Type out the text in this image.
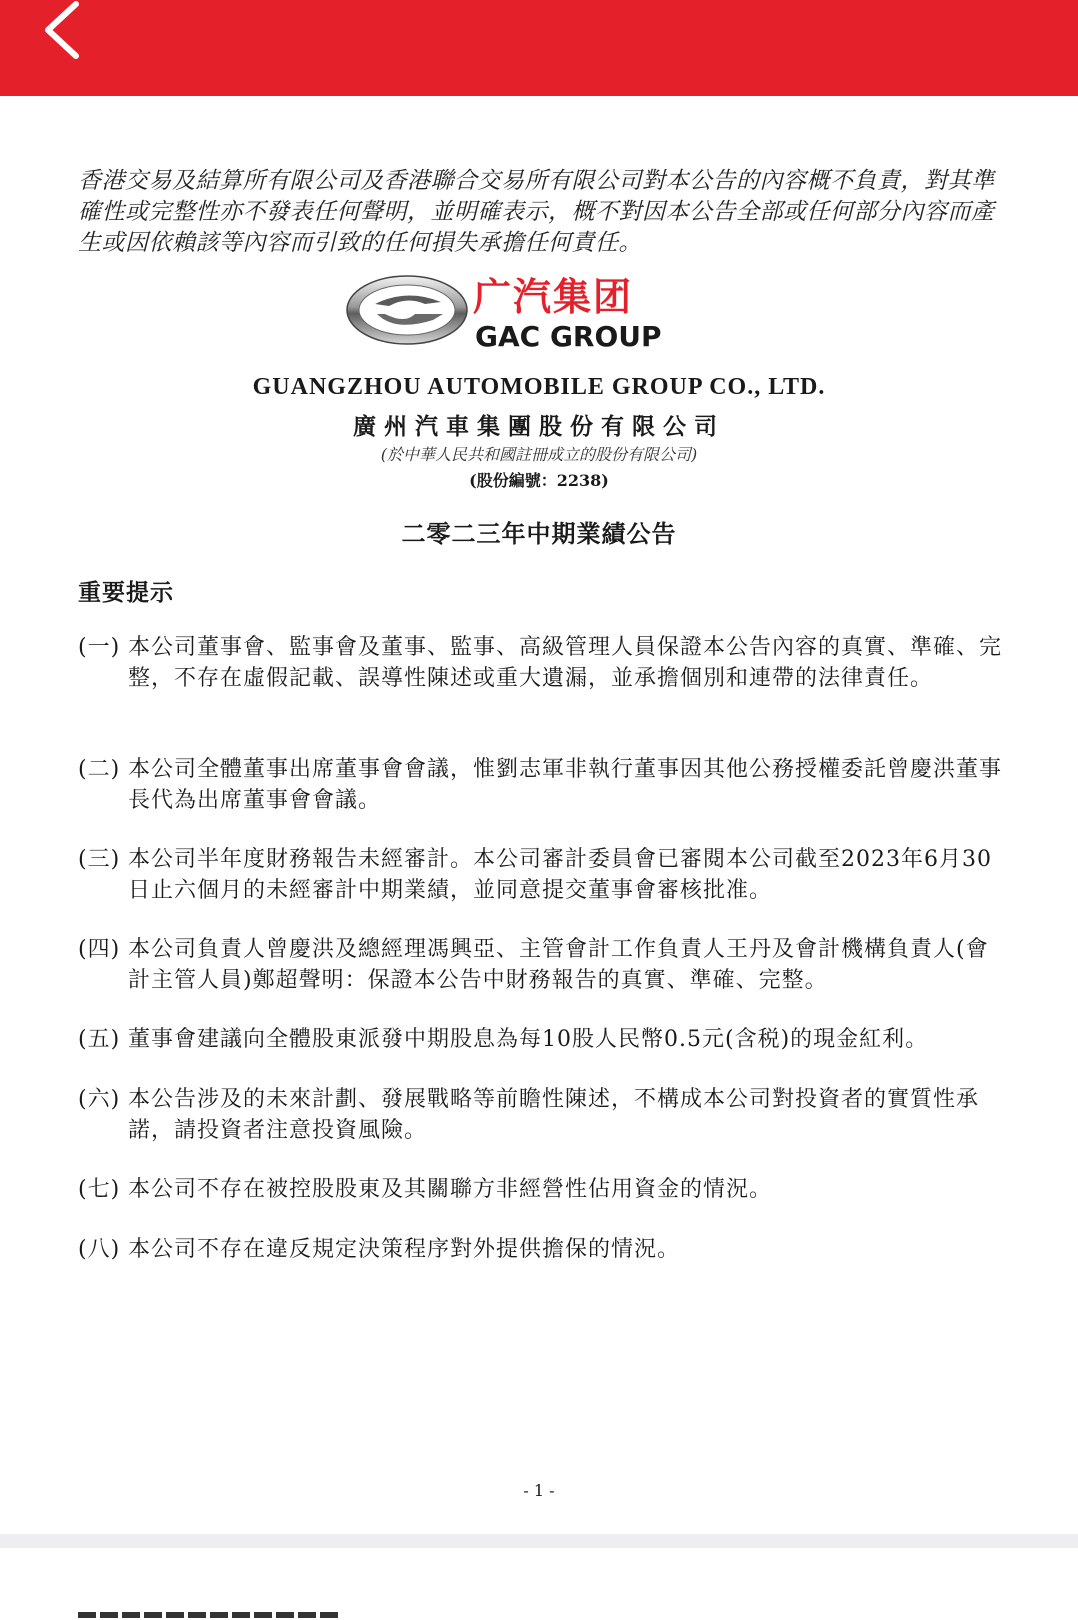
香港交易及結算所有限公司及香港聯合交易所有限公司對本公告的內容概不負責，對其準確性或完整性亦不發表任何聲明，並明確表示，概不對因本公告全部或任何部分內容而產生或因依賴該等內容而引致的任何損失承擔任何責任。
广汽集团
GAC GROUP
GUANGZHOU AUTOMOBILE GROUP CO., LTD.
廣州汽車集團股份有限公司
(於中華人民共和國註冊成立的股份有限公司)
(股份編號：2238)
二零二三年中期業績公告
重要提示
(一) 本公司董事會、監事會及董事、監事、高級管理人員保證本公告內容的真實、準確、完整，不存在虛假記載、誤導性陳述或重大遺漏，並承擔個別和連帶的法律責任。
(二) 本公司全體董事出席董事會會議，惟劉志軍非執行董事因其他公務授權委託曾慶洪董事長代為出席董事會會議。
(三) 本公司半年度財務報告未經審計。本公司審計委員會已審閱本公司截至2023年6月30日止六個月的未經審計中期業績，並同意提交董事會審核批准。
(四) 本公司負責人曾慶洪及總經理馮興亞、主管會計工作負責人王丹及會計機構負責人(會計主管人員)鄭超聲明：保證本公告中財務報告的真實、準確、完整。
(五) 董事會建議向全體股東派發中期股息為每10股人民幣0.5元(含税)的現金紅利。
(六) 本公告涉及的未來計劃、發展戰略等前瞻性陳述，不構成本公司對投資者的實質性承諾，請投資者注意投資風險。
(七) 本公司不存在被控股股東及其關聯方非經營性佔用資金的情況。
(八) 本公司不存在違反規定決策程序對外提供擔保的情況。
- 1 -
